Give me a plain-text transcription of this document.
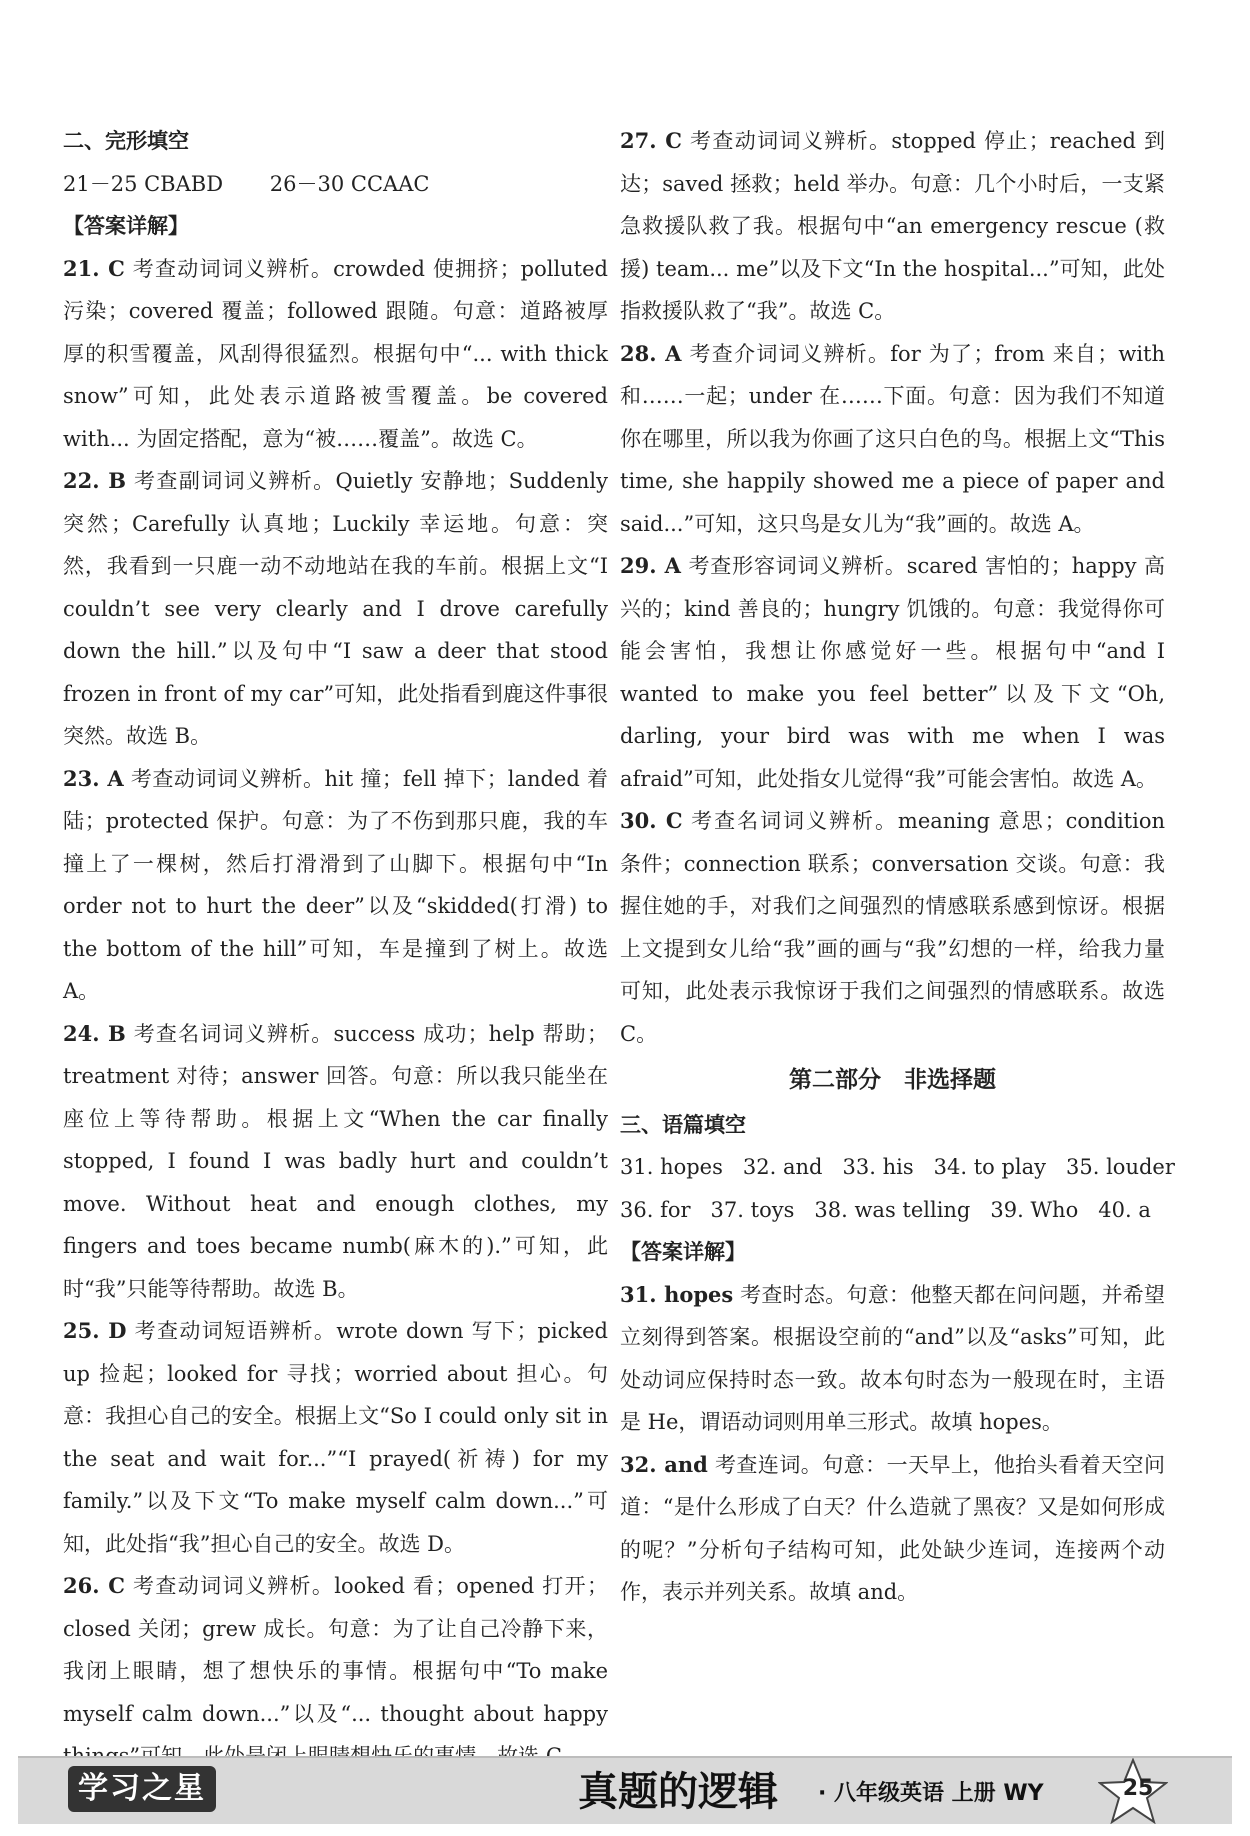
二、完形填空
21－25 CBABD       26－30 CCAAC
【答案详解】

21. C 考查动词词义辨析。crowded 使拥挤；polluted 污染；covered 覆盖；followed 跟随。句意：道路被厚厚的积雪覆盖，风刮得很猛烈。根据句中“... with thick snow”可知，此处表示道路被雪覆盖。be covered with... 为固定搭配，意为“被……覆盖”。故选 C。

22. B 考查副词词义辨析。Quietly 安静地；Suddenly 突然；Carefully 认真地；Luckily 幸运地。句意：突然，我看到一只鹿一动不动地站在我的车前。根据上文“I couldn’t see very clearly and I drove carefully down the hill.”以及句中“I saw a deer that stood frozen in front of my car”可知，此处指看到鹿这件事很突然。故选 B。

23. A 考查动词词义辨析。hit 撞；fell 掉下；landed 着陆；protected 保护。句意：为了不伤到那只鹿，我的车撞上了一棵树，然后打滑滑到了山脚下。根据句中“In order not to hurt the deer”以及“skidded(打滑) to the bottom of the hill”可知，车是撞到了树上。故选 A。

24. B 考查名词词义辨析。success 成功；help 帮助；treatment 对待；answer 回答。句意：所以我只能坐在座位上等待帮助。根据上文“When the car finally stopped, I found I was badly hurt and couldn’t move. Without heat and enough clothes, my fingers and toes became numb(麻木的).”可知，此时“我”只能等待帮助。故选 B。

25. D 考查动词短语辨析。wrote down 写下；picked up 捡起；looked for 寻找；worried about 担心。句意：我担心自己的安全。根据上文“So I could only sit in the seat and wait for...”“I prayed(祈祷) for my family.”以及下文“To make myself calm down...”可知，此处指“我”担心自己的安全。故选 D。

26. C 考查动词词义辨析。looked 看；opened 打开；closed 关闭；grew 成长。句意：为了让自己冷静下来，我闭上眼睛，想了想快乐的事情。根据句中“To make myself calm down...”以及“... thought about happy

27. C 考查动词词义辨析。stopped 停止；reached 到达；saved 拯救；held 举办。句意：几个小时后，一支紧急救援队救了我。根据句中“an emergency rescue (救援) team... me”以及下文“In the hospital...”可知，此处指救援队救了“我”。故选 C。

28. A 考查介词词义辨析。for 为了；from 来自；with 和……一起；under 在……下面。句意：因为我们不知道你在哪里，所以我为你画了这只白色的鸟。根据上文“This time, she happily showed me a piece of paper and said...”可知，这只鸟是女儿为“我”画的。故选 A。

29. A 考查形容词词义辨析。scared 害怕的；happy 高兴的；kind 善良的；hungry 饥饿的。句意：我觉得你可能会害怕，我想让你感觉好一些。根据句中“and I wanted to make you feel better”以及下文“Oh, darling, your bird was with me when I was afraid”可知，此处指女儿觉得“我”可能会害怕。故选 A。

30. C 考查名词词义辨析。meaning 意思；condition 条件；connection 联系；conversation 交谈。句意：我握住她的手，对我们之间强烈的情感联系感到惊讶。根据上文提到女儿给“我”画的画与“我”幻想的一样，给我力量可知，此处表示我惊讶于我们之间强烈的情感联系。故选 C。

第二部分　非选择题
三、语篇填空
31. hopes   32. and   33. his   34. to play   35. louder
36. for   37. toys   38. was telling   39. Who   40. a
【答案详解】

31. hopes 考查时态。句意：他整天都在问问题，并希望立刻得到答案。根据设空前的“and”以及“asks”可知，此处动词应保持时态一致。故本句时态为一般现在时，主语是 He，谓语动词则用单三形式。故填 hopes。

32. and 考查连词。句意：一天早上，他抬头看着天空问道：“是什么形成了白天？什么造就了黑夜？又是如何形成的呢？”分析句子结构可知，此处缺少连词，连接两个动作，表示并列关系。故填 and。

学习之星	真题的逻辑 · 八年级英语 上册 WY	25
